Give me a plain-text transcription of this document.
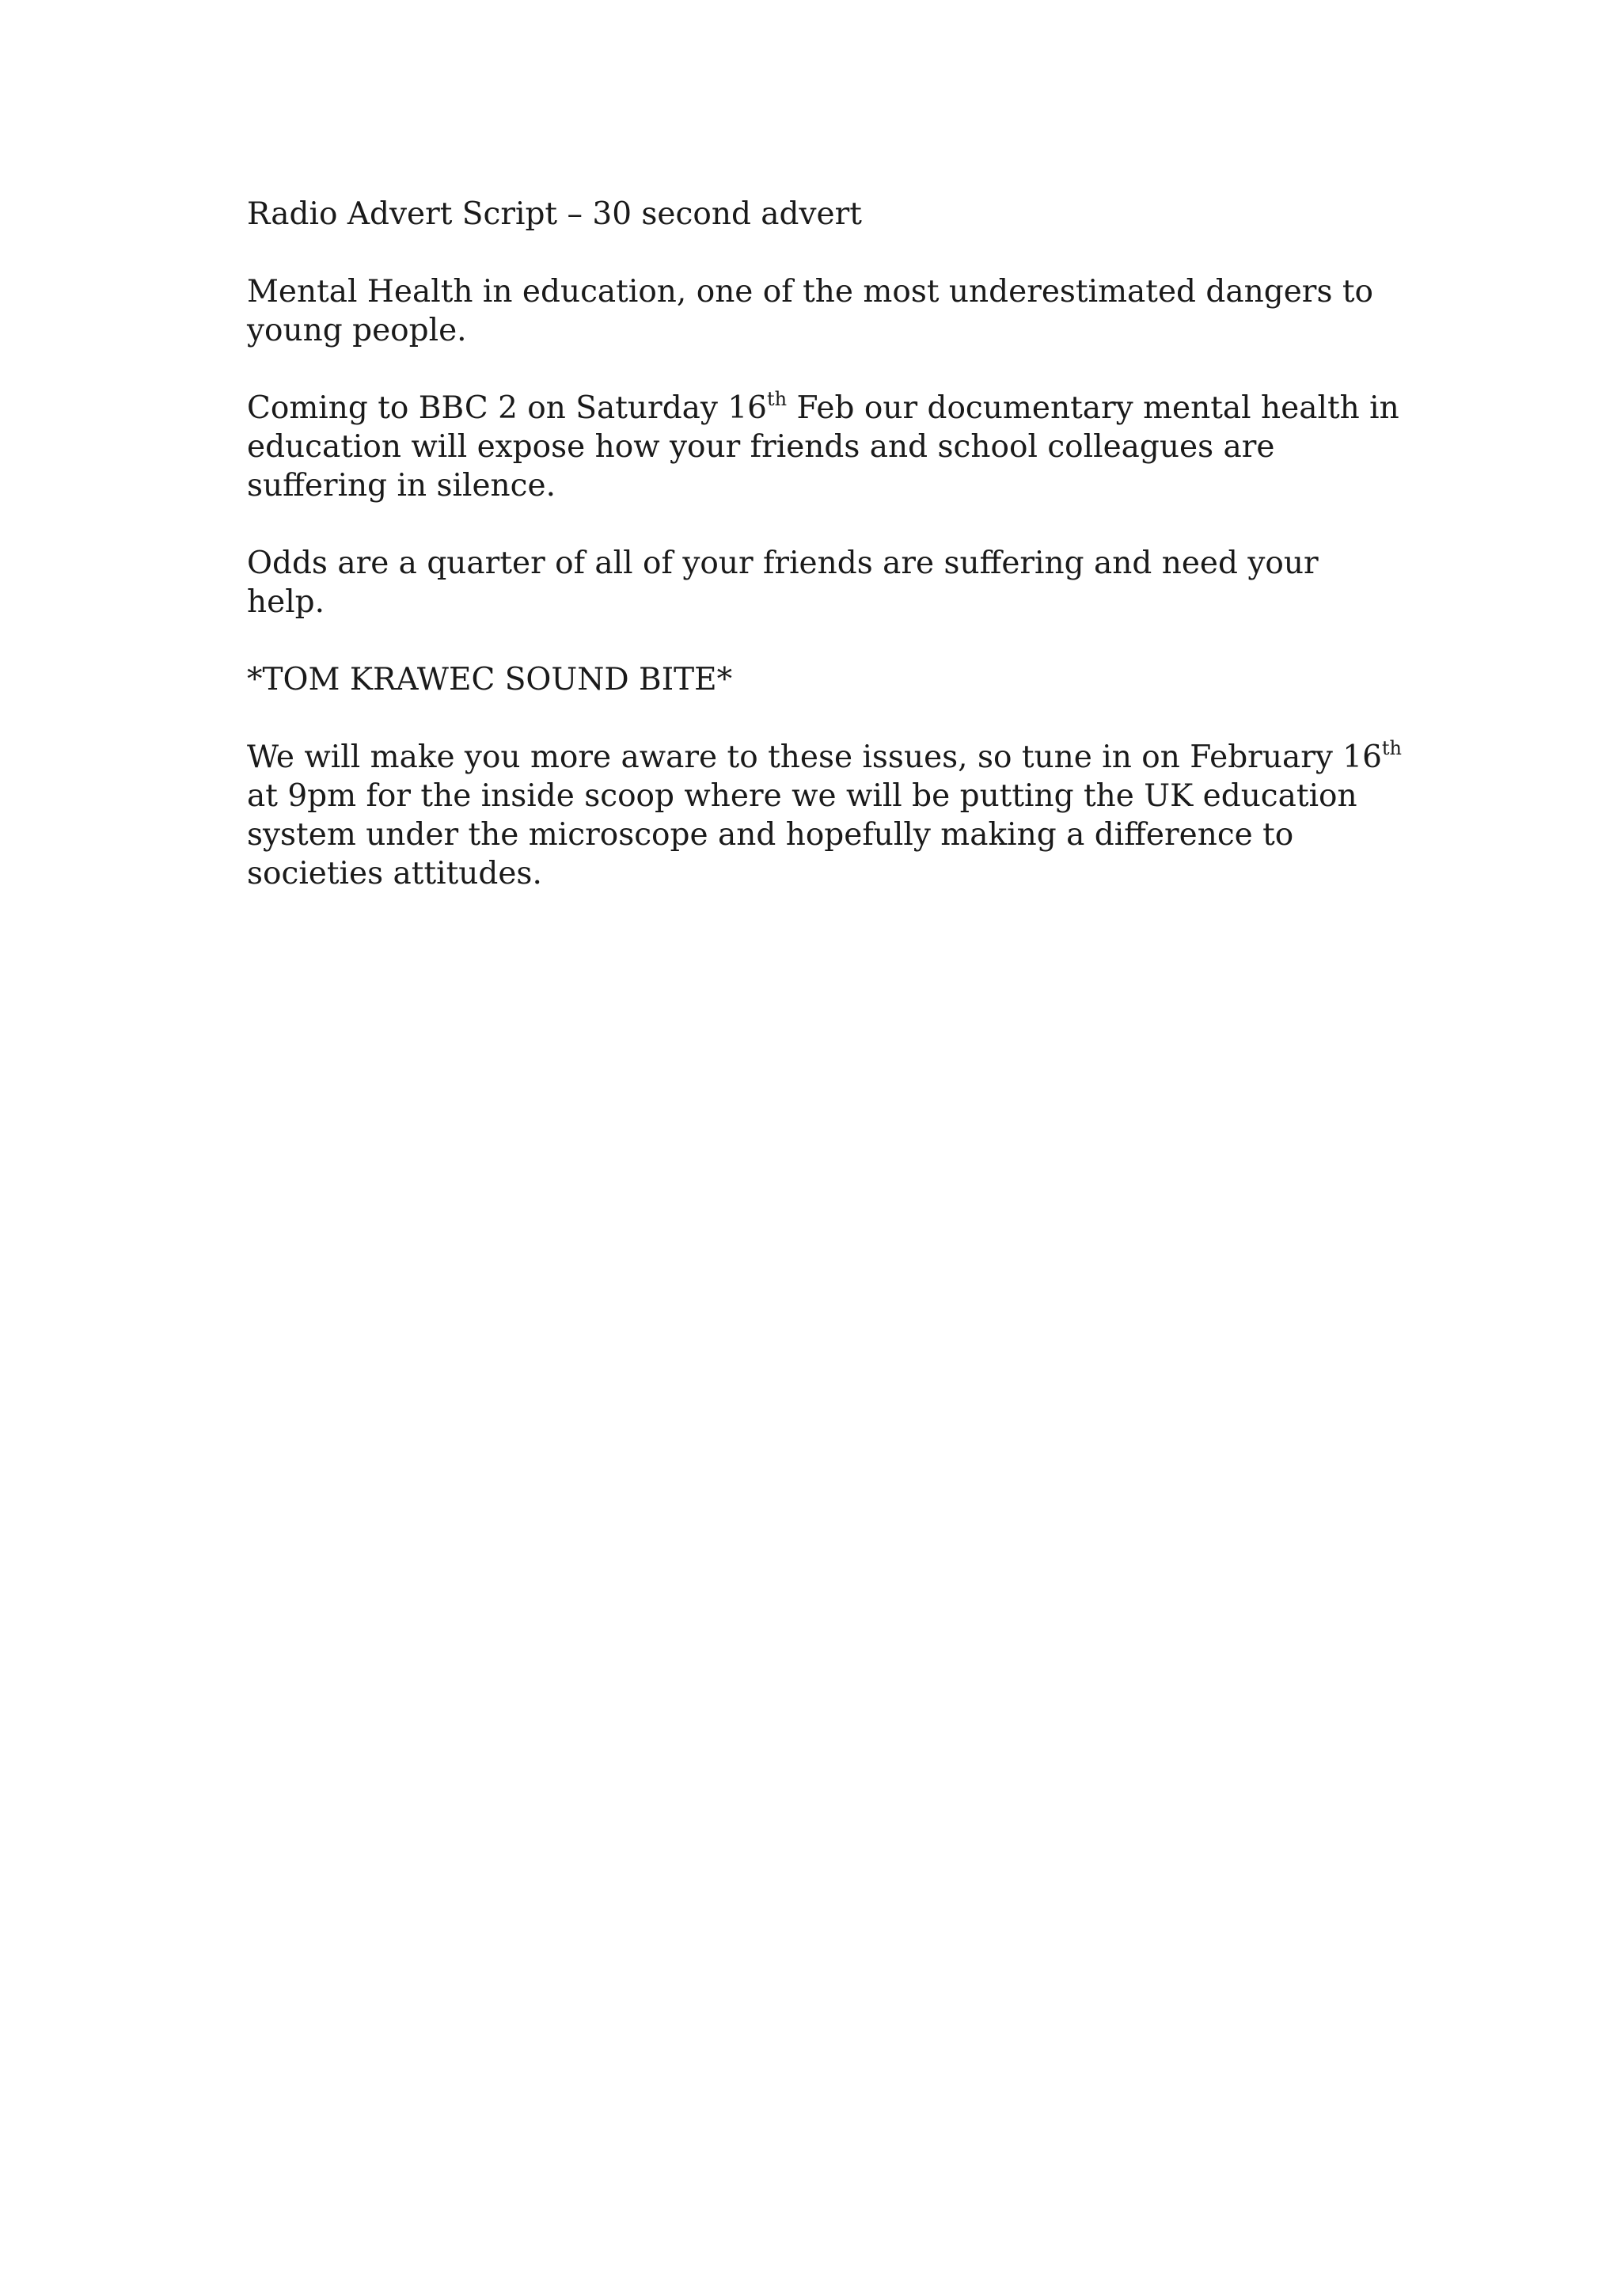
Radio Advert Script – 30 second advert

Mental Health in education, one of the most underestimated dangers to young people.

Coming to BBC 2 on Saturday 16th Feb our documentary mental health in education will expose how your friends and school colleagues are suffering in silence.

Odds are a quarter of all of your friends are suffering and need your help.

*TOM KRAWEC SOUND BITE*

We will make you more aware to these issues, so tune in on February 16th at 9pm for the inside scoop where we will be putting the UK education system under the microscope and hopefully making a difference to societies attitudes.
